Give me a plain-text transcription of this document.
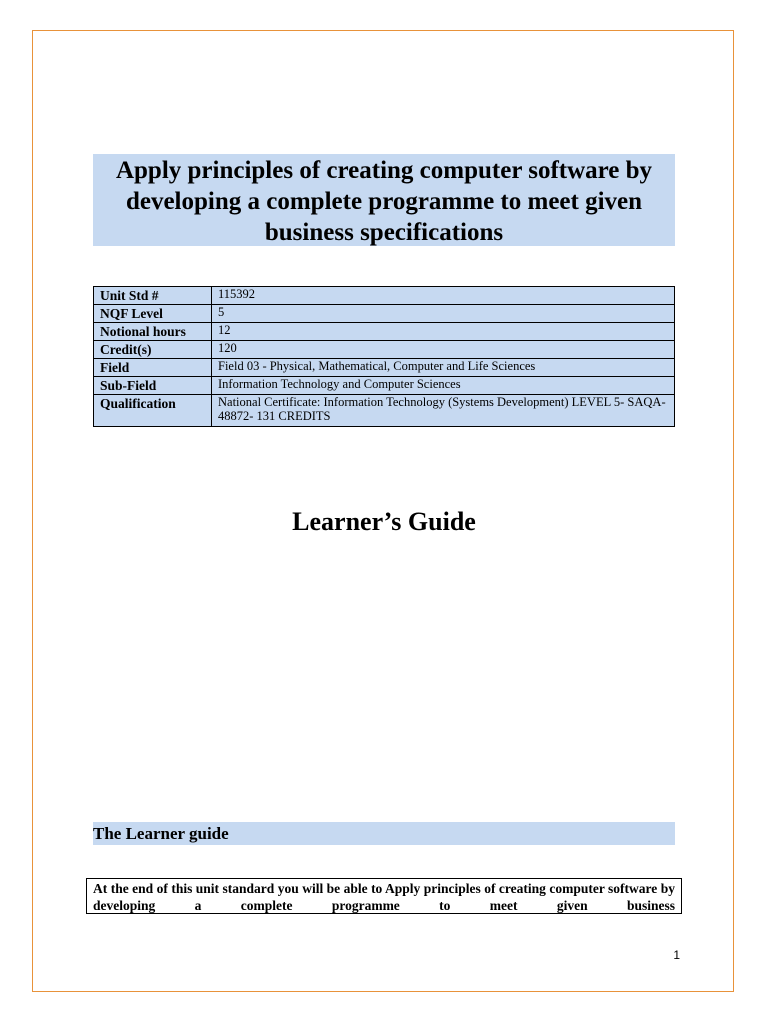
Apply principles of creating computer software by developing a complete programme to meet given business specifications
Unit Std #	115392
NQF Level	5
Notional hours	12
Credit(s)	120
Field	Field 03 - Physical, Mathematical, Computer and Life Sciences
Sub-Field	Information Technology and Computer Sciences
Qualification	National Certificate: Information Technology (Systems Development) LEVEL 5- SAQA- 48872- 131 CREDITS
Learner’s Guide
The Learner guide
At the end of this unit standard you will be able to Apply principles of creating computer software by developing a complete programme to meet given business
1
